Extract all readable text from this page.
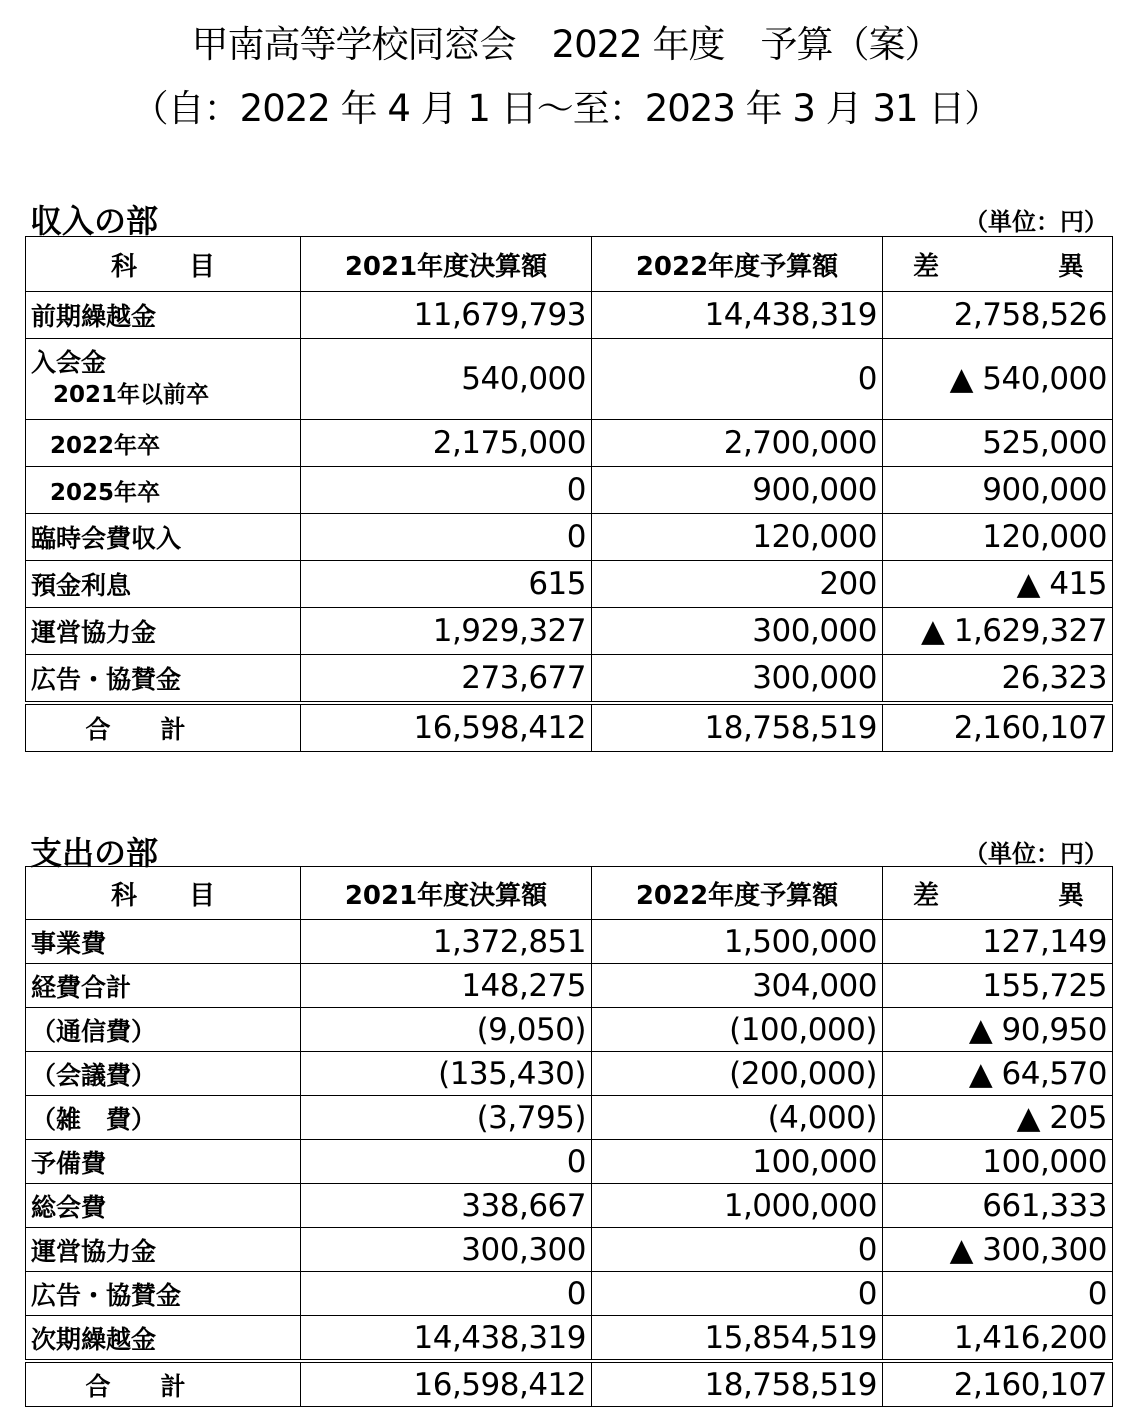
甲南高等学校同窓会　2022 年度　予算（案）
（自：2022 年 4 月 1 日～至：2023 年 3 月 31 日）
収入の部	（単位：円）
科　　目	2021年度決算額	2022年度予算額	差　　　異
前期繰越金	11,679,793	14,438,319	2,758,526

入会金
2021年以前卒	540,000	0	▲ 540,000
2022年卒	2,175,000	2,700,000	525,000
2025年卒	0	900,000	900,000
臨時会費収入	0	120,000	120,000
預金利息	615	200	▲ 415
運営協力金	1,929,327	300,000	▲ 1,629,327
広告・協賛金	273,677	300,000	26,323
合　　計	16,598,412	18,758,519	2,160,107
支出の部	（単位：円）
科　　目	2021年度決算額	2022年度予算額	差　　　異
事業費	1,372,851	1,500,000	127,149
経費合計	148,275	304,000	155,725
（通信費）	(9,050)	(100,000)	▲ 90,950
（会議費）	(135,430)	(200,000)	▲ 64,570
（雑　費）	(3,795)	(4,000)	▲ 205
予備費	0	100,000	100,000
総会費	338,667	1,000,000	661,333
運営協力金	300,300	0	▲ 300,300
広告・協賛金	0	0	0
次期繰越金	14,438,319	15,854,519	1,416,200
合　　計	16,598,412	18,758,519	2,160,107
